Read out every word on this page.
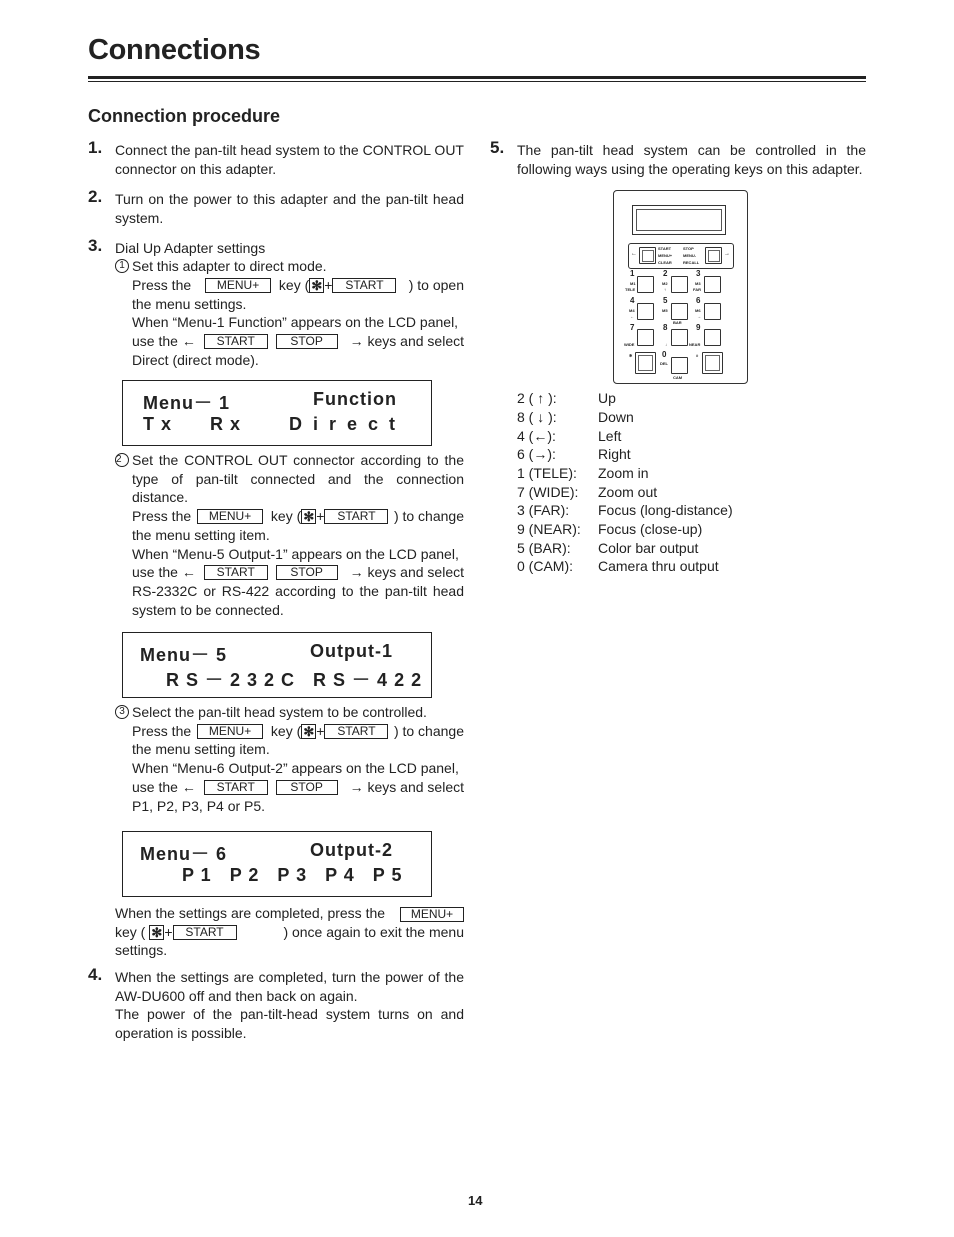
Connections
Connection procedure
1. Connect the pan-tilt head system to the CONTROL OUT connector on this adapter.
2. Turn on the power to this adapter and the pan-tilt head system.
3. Dial Up Adapter settings
1 Set this adapter to direct mode.
Press the MENU+ key ( ✻ + START ) to open
the menu settings.
When “Menu-1 Function” appears on the LCD panel,
use the ← START	STOP → keys and select
Direct (direct mode).
Menu－ 1	Function
T x R x	D i r e c t
2 Set the CONTROL OUT connector according to the
type of pan-tilt connected and the connection
distance.
Press the MENU+ key ( ✻ + START ) to change
the menu setting item.
When “Menu-5 Output-1” appears on the LCD panel,
use the ← START	STOP → keys and select
RS-2332C or RS-422 according to the pan-tilt head
system to be connected.
Menu－ 5	Output-1
R S － 2 3 2 C   R S － 4 2 2
3 Select the pan-tilt head system to be controlled.
Press the MENU+ key ( ✻ + START ) to change
the menu setting item.
When “Menu-6 Output-2” appears on the LCD panel,
use the ← START	STOP → keys and select
P1, P2, P3, P4 or P5.
Menu－ 6	Output-2
P 1   P 2   P 3   P 4   P 5
When the settings are completed, press the	MENU+
key ( ✻ + START	) once again to exit the menu
settings.
4. When the settings are completed, turn the power of the
AW-DU600 off and then back on again.
The power of the pan-tilt-head system turns on and
operation is possible.
5. The pan-tilt head system can be controlled in the following ways using the operating keys on this adapter.
←
START
MENU+
CLEAR
STOP
MENU-
RECALL
→
1
M1
TELE
2
M2
↑
3
M3
FAR
4
M4
←
5
M5
BAR
6
M6
→
7
WIDE
8
↓
9
NEAR
✻	0
DEL
CAM
#
2 ( ↑ ):	Up
8 ( ↓ ):	Down
4 (←):	Left
6 (→):	Right
1 (TELE): Zoom in
7 (WIDE): Zoom out
3 (FAR): Focus (long-distance)
9 (NEAR): Focus (close-up)
5 (BAR): Color bar output
0 (CAM): Camera thru output
14
